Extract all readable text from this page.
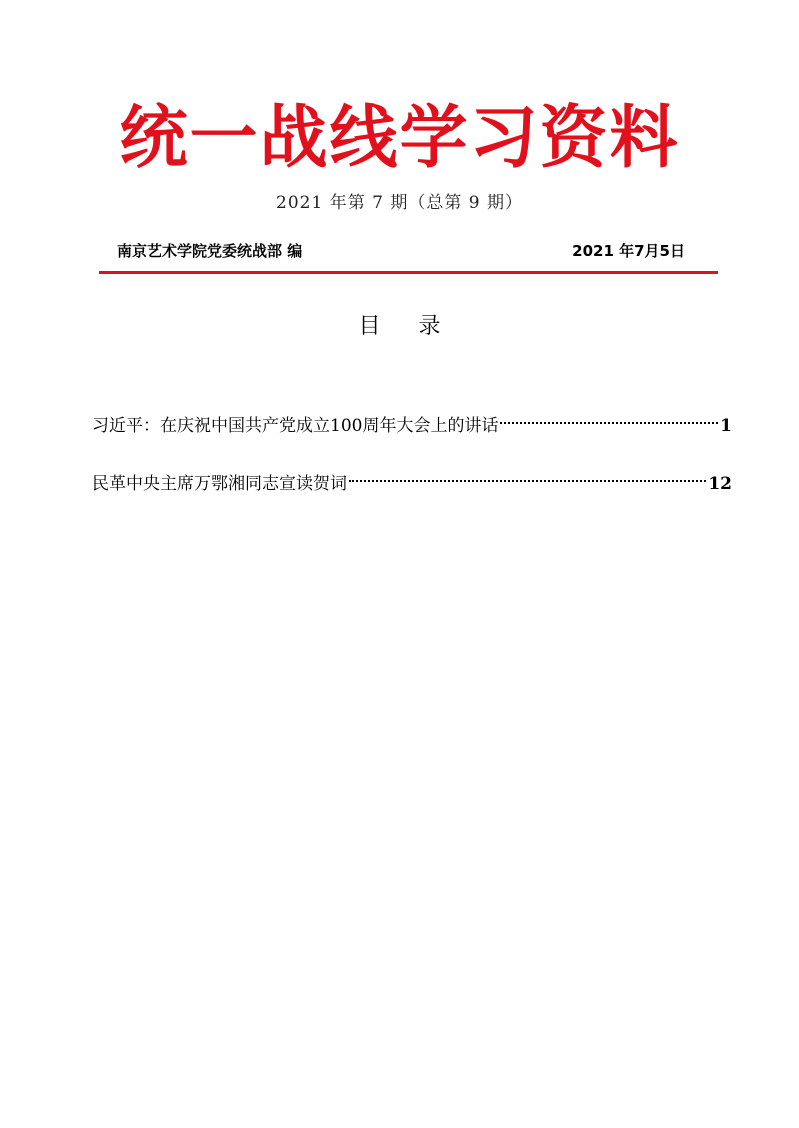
统一战线学习资料
2021 年第 7 期（总第 9 期）
南京艺术学院党委统战部 编	2021 年7月5日
目 录
习近平：在庆祝中国共产党成立100周年大会上的讲话	1
民革中央主席万鄂湘同志宣读贺词	12
